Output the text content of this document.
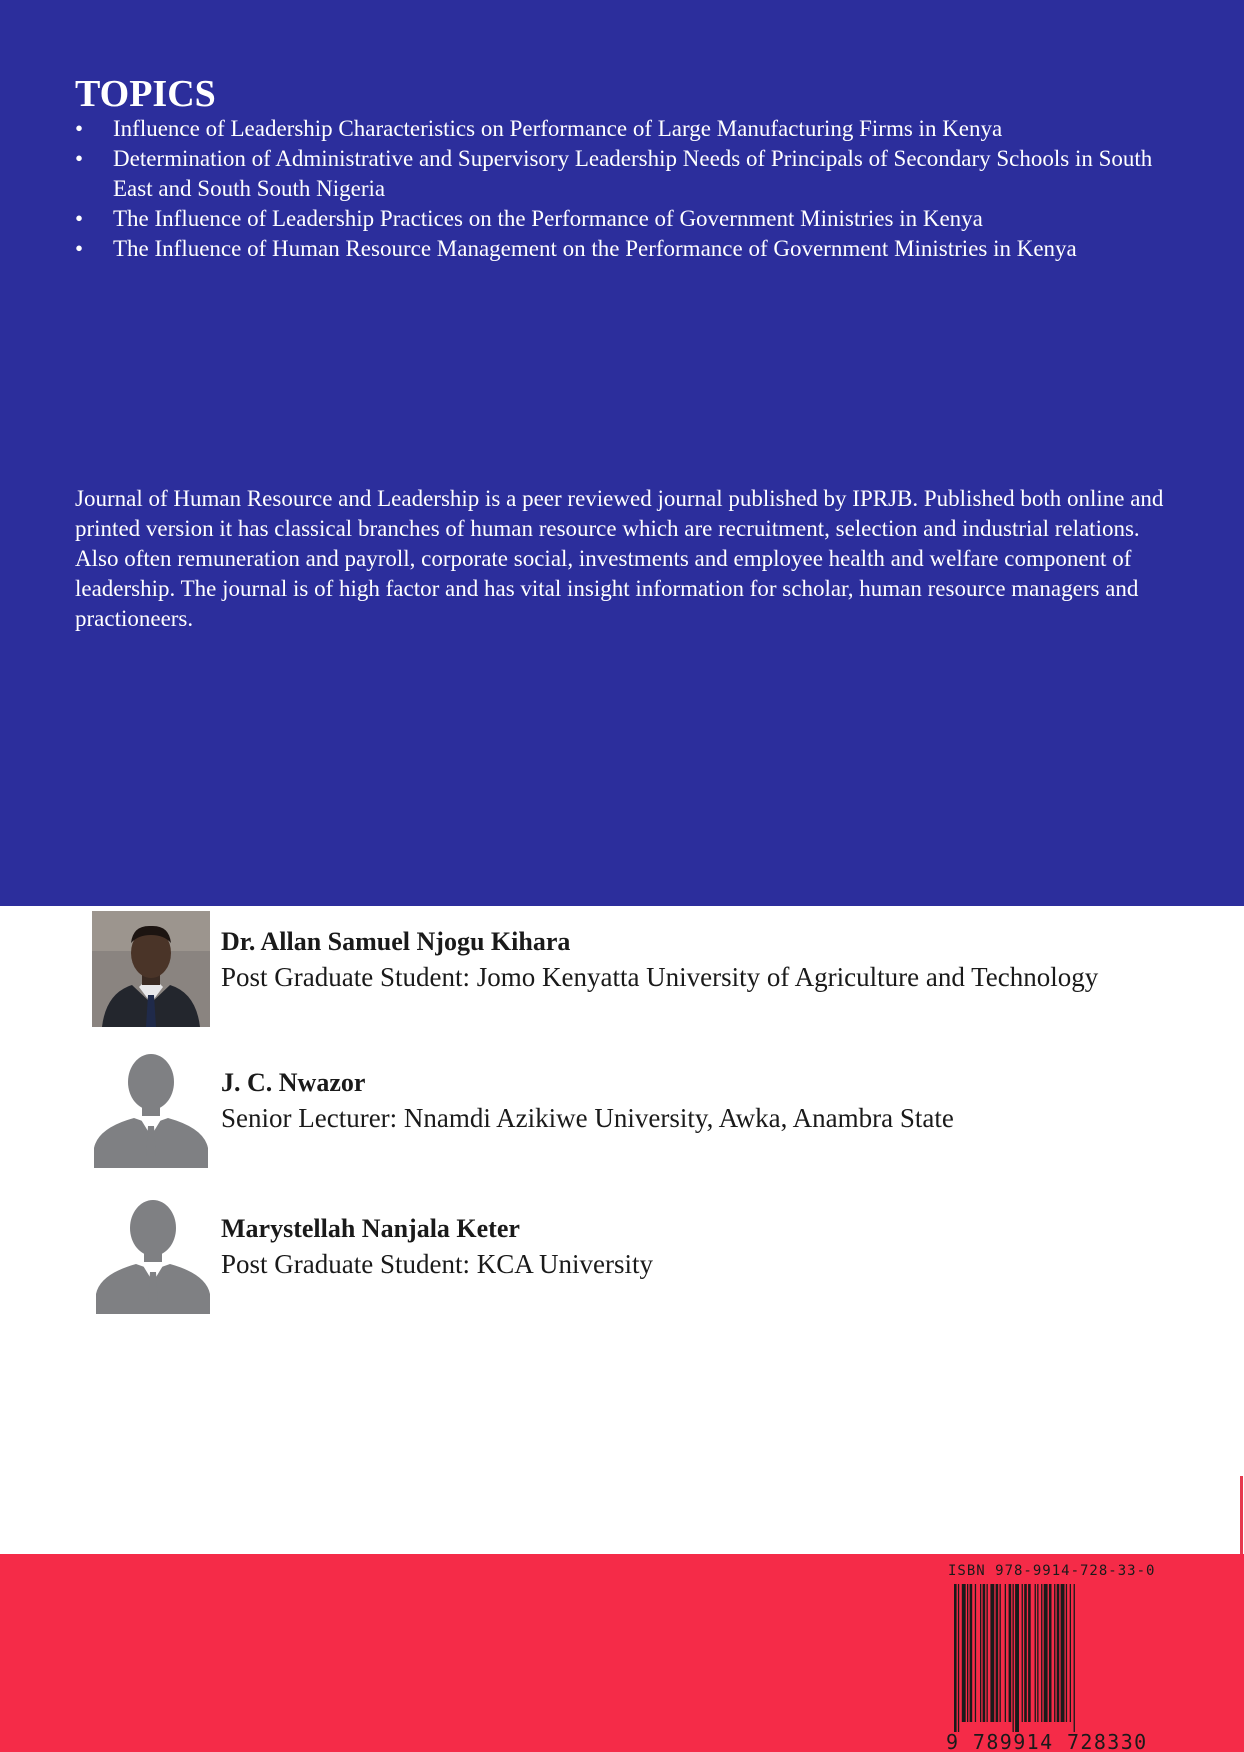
TOPICS
• Influence of Leadership Characteristics on Performance of Large Manufacturing Firms in Kenya
• Determination of Administrative and Supervisory Leadership Needs of Principals of Secondary Schools in South East and South South Nigeria
• The Influence of Leadership Practices on the Performance of Government Ministries in Kenya
• The Influence of Human Resource Management on the Performance of Government Ministries in Kenya

Journal of Human Resource and Leadership is a peer reviewed journal published by IPRJB. Published both online and printed version it has classical branches of human resource which are recruitment, selection and industrial relations. Also often remuneration and payroll, corporate social, investments and employee health and welfare component of leadership. The journal is of high factor and has vital insight information for scholar, human resource managers and practioneers.

Dr. Allan Samuel Njogu Kihara
Post Graduate Student: Jomo Kenyatta University of Agriculture and Technology
J. C. Nwazor
Senior Lecturer: Nnamdi Azikiwe University, Awka, Anambra State
Marystellah Nanjala Keter
Post Graduate Student: KCA University
ISBN 978-9914-728-33-0
9 789914 728330
